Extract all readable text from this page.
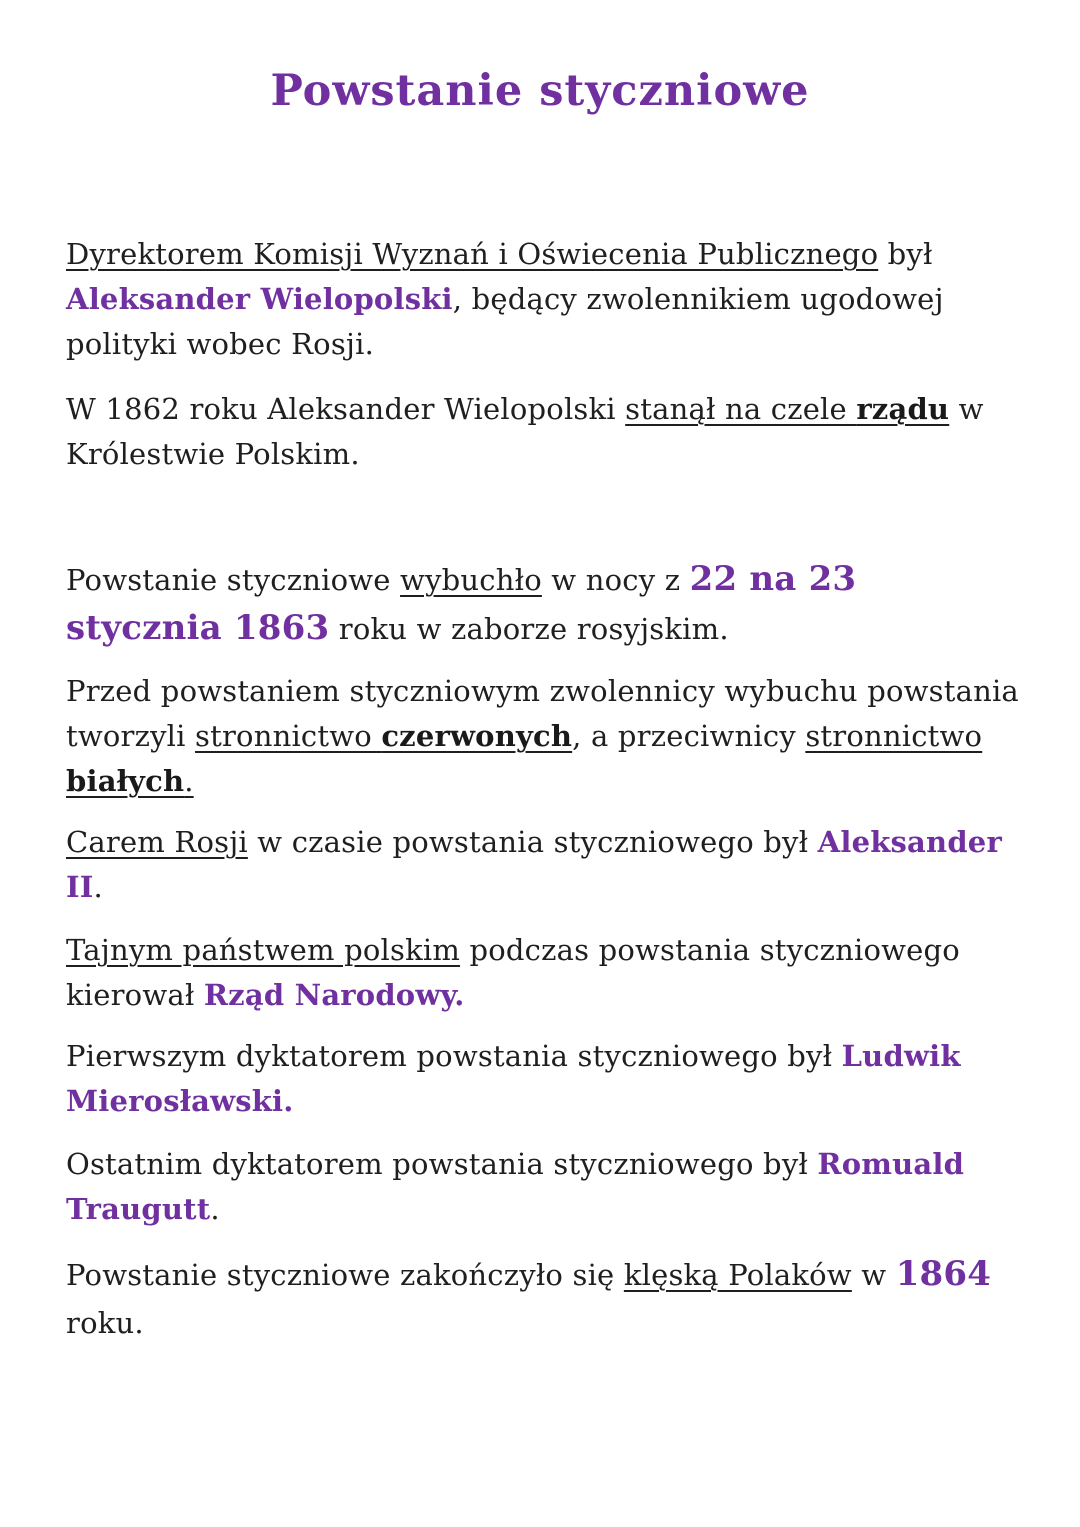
Powstanie styczniowe

Dyrektorem Komisji Wyznań i Oświecenia Publicznego był Aleksander Wielopolski, będący zwolennikiem ugodowej polityki wobec Rosji.

W 1862 roku Aleksander Wielopolski stanął na czele rządu w Królestwie Polskim.

Powstanie styczniowe wybuchło w nocy z 22 na 23 stycznia 1863 roku w zaborze rosyjskim.

Przed powstaniem styczniowym zwolennicy wybuchu powstania tworzyli stronnictwo czerwonych, a przeciwnicy stronnictwo białych.

Carem Rosji w czasie powstania styczniowego był Aleksander II.

Tajnym państwem polskim podczas powstania styczniowego kierował Rząd Narodowy.

Pierwszym dyktatorem powstania styczniowego był Ludwik Mierosławski.

Ostatnim dyktatorem powstania styczniowego był Romuald Traugutt.

Powstanie styczniowe zakończyło się klęską Polaków w 1864 roku.
